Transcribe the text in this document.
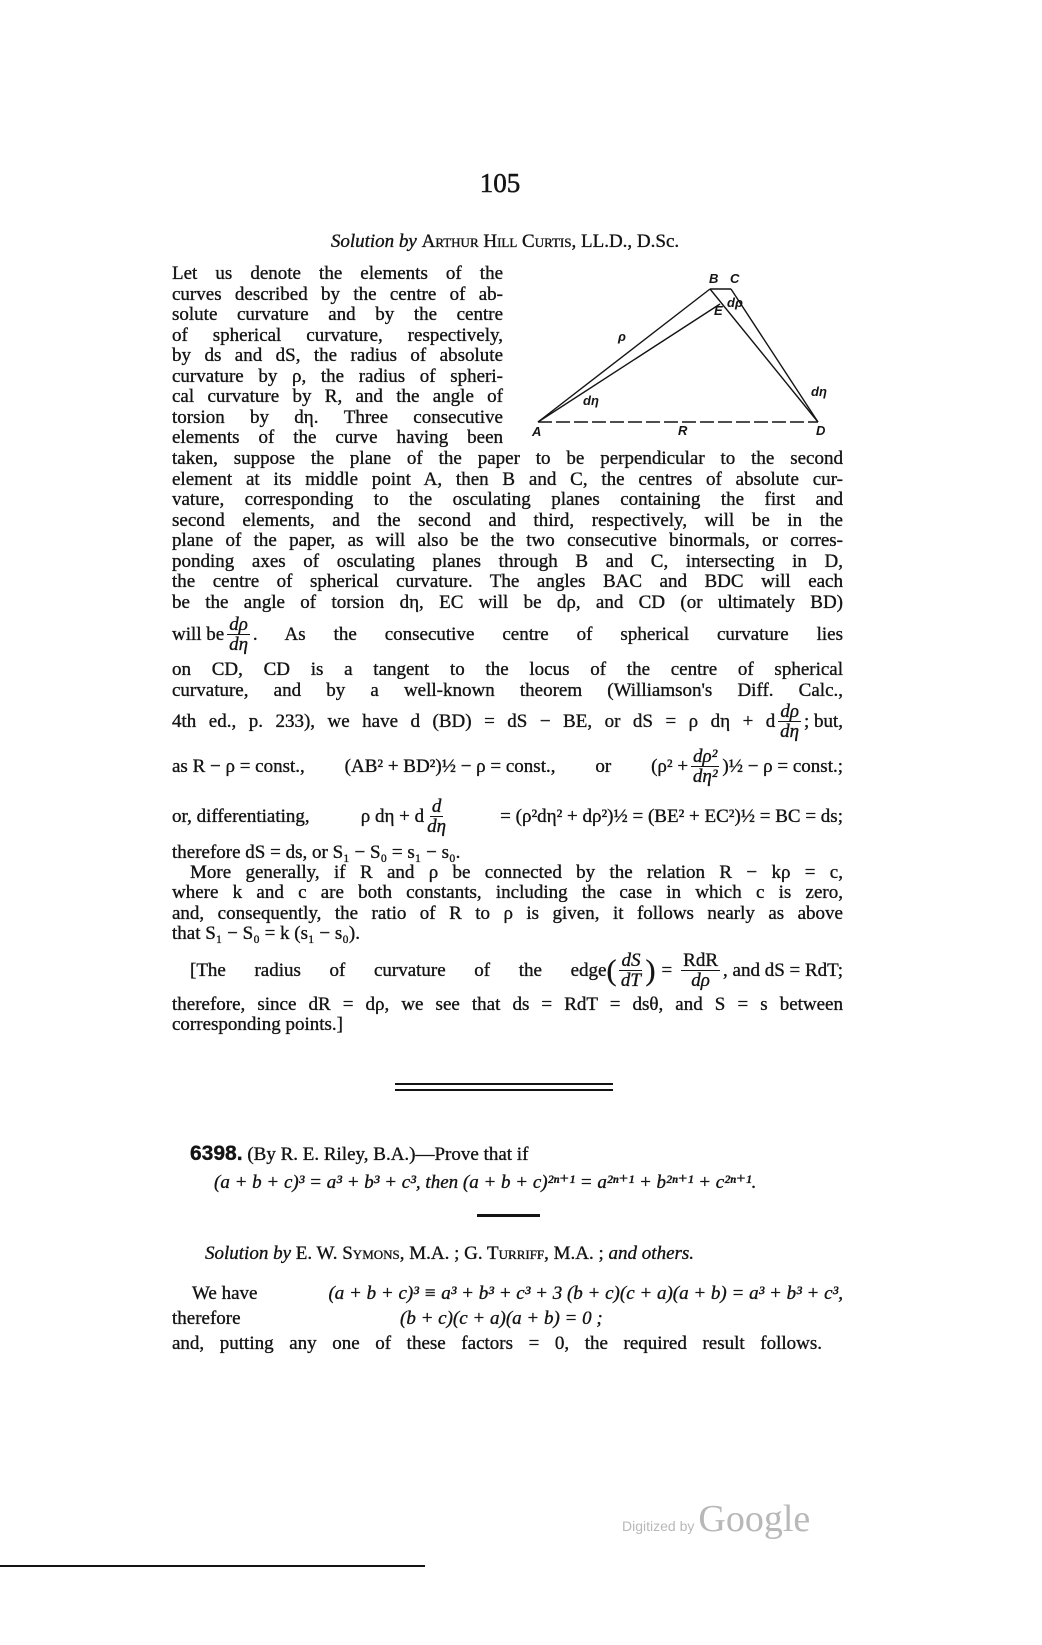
105
Solution by Arthur Hill Curtis, LL.D., D.Sc.
Let us denote the elements of the
curves described by the centre of ab-
solute curvature and by the centre
of spherical curvature, respectively,
by ds and dS, the radius of absolute
curvature by ρ, the radius of spheri-
cal curvature by R, and the angle of
torsion by dη. Three consecutive
elements of the curve having been
B C
E
dρ
ρ
dη
dη
A	R	D
taken, suppose the plane of the paper to be perpendicular to the second
element at its middle point A, then B and C, the centres of absolute cur-
vature, corresponding to the osculating planes containing the first and
second elements, and the second and third, respectively, will be in the
plane of the paper, as will also be the two consecutive binormals, or corres-
ponding axes of osculating planes through B and C, intersecting in D,
the centre of spherical curvature. The angles BAC and BDC will each
be the angle of torsion dη, EC will be dρ, and CD (or ultimately BD)
will be $\frac{d\rho}{d\eta}$ . As the consecutive centre of spherical curvature lies
on CD, CD is a tangent to the locus of the centre of spherical
curvature, and by a well-known theorem (Williamson's Diff. Calc.,
4th ed., p. 233), we have d (BD) = dS − BE, or dS = ρ dη + d $\frac{d\rho}{d\eta}$ ; but,
as R − ρ = const., (AB² + BD²)½ − ρ = const., or ($\rho^2 + \frac{\text{dρ²}}{\text{dη²}}$ )½ − ρ = const.;
or, differentiating,	ρ dη + d $\frac{d}{d\eta}$	= (ρ²dη² + dρ²)½ = (BE² + EC²)½ = BC = ds;
therefore dS = ds, or S₁ − S₀ = s₁ − s₀.
More generally, if R and ρ be connected by the relation R − kρ = c,
where k and c are both constants, including the case in which c is zero,
and, consequently, the ratio of R to ρ is given, it follows nearly as above
that S₁ − S₀ = k (s₁ − s₀).
[The radius of curvature of the edge ( $\frac{dS}{dT}$ ) = $\frac{\text{RdR}}{d\rho}$ , and dS = RdT;
therefore, since dR = dρ, we see that ds = RdT = dsθ, and S = s between
corresponding points.]
6398. (By R. E. Riley, B.A.)—Prove that if
(a + b + c)³ = a³ + b³ + c³, then (a + b + c)²ⁿ⁺¹ = a²ⁿ⁺¹ + b²ⁿ⁺¹ + c²ⁿ⁺¹.
Solution by E. W. Symons, M.A. ; G. Turriff, M.A. ; and others.
We have	(a + b + c)³ ≡ a³ + b³ + c³ + 3 (b + c)(c + a)(a + b) = a³ + b³ + c³,
therefore	(b + c)(c + a)(a + b) = 0 ;
and, putting any one of these factors = 0, the required result follows.
Digitized by Google
